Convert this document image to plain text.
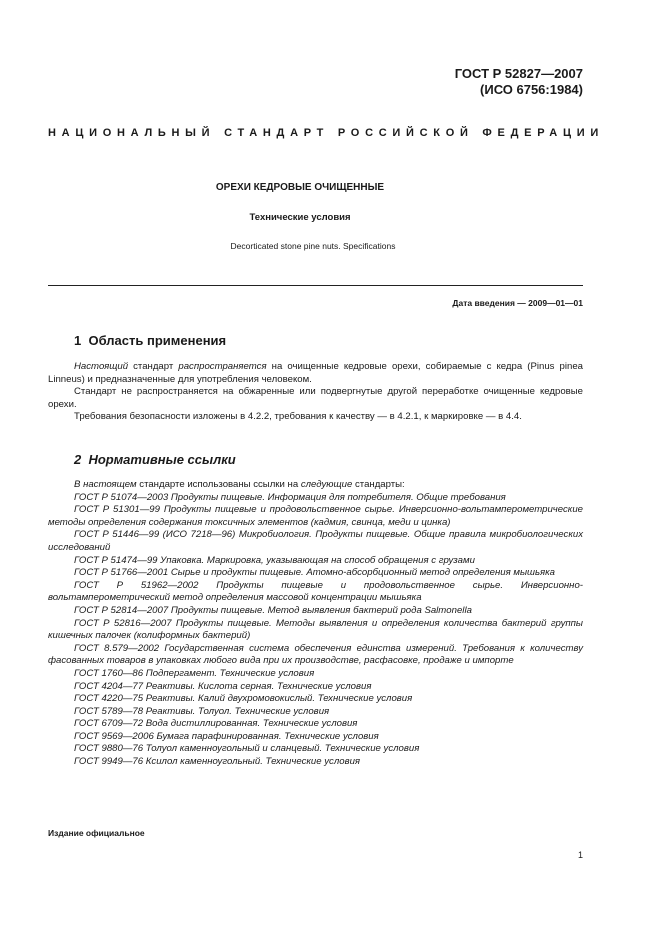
ГОСТ Р 52827—2007
(ИСО 6756:1984)
НАЦИОНАЛЬНЫЙ СТАНДАРТ РОССИЙСКОЙ ФЕДЕРАЦИИ
ОРЕХИ КЕДРОВЫЕ ОЧИЩЕННЫЕ
Технические условия
Decorticated stone pine nuts. Specifications
Дата введения — 2009—01—01
1 Область применения

Настоящий стандарт распространяется на очищенные кедровые орехи, собираемые с кедра (Pinus pinea Linneus) и предназначенные для употребления человеком.

Стандарт не распространяется на обжаренные или подвергнутые другой переработке очищенные кедровые орехи.

Требования безопасности изложены в 4.2.2, требования к качеству — в 4.2.1, к маркировке — в 4.4.

2 Нормативные ссылки

В настоящем стандарте использованы ссылки на следующие стандарты:

ГОСТ Р 51074—2003 Продукты пищевые. Информация для потребителя. Общие требования

ГОСТ Р 51301—99 Продукты пищевые и продовольственное сырье. Инверсионно-вольтамперометрические методы определения содержания токсичных элементов (кадмия, свинца, меди и цинка)

ГОСТ Р 51446—99 (ИСО 7218—96) Микробиология. Продукты пищевые. Общие правила микробиологических исследований

ГОСТ Р 51474—99 Упаковка. Маркировка, указывающая на способ обращения с грузами

ГОСТ Р 51766—2001 Сырье и продукты пищевые. Атомно-абсорбционный метод определения мышьяка

ГОСТ Р 51962—2002 Продукты пищевые и продовольственное сырье. Инверсионно-вольтамперометрический метод определения массовой концентрации мышьяка

ГОСТ Р 52814—2007 Продукты пищевые. Метод выявления бактерий рода Salmonella

ГОСТ Р 52816—2007 Продукты пищевые. Методы выявления и определения количества бактерий группы кишечных палочек (колиформных бактерий)

ГОСТ 8.579—2002 Государственная система обеспечения единства измерений. Требования к количеству фасованных товаров в упаковках любого вида при их производстве, расфасовке, продаже и импорте

ГОСТ 1760—86 Подпергамент. Технические условия

ГОСТ 4204—77 Реактивы. Кислота серная. Технические условия

ГОСТ 4220—75 Реактивы. Калий двухромовокислый. Технические условия

ГОСТ 5789—78 Реактивы. Толуол. Технические условия

ГОСТ 6709—72 Вода дистиллированная. Технические условия

ГОСТ 9569—2006 Бумага парафинированная. Технические условия

ГОСТ 9880—76 Толуол каменноугольный и сланцевый. Технические условия

ГОСТ 9949—76 Ксилол каменноугольный. Технические условия

Издание официальное
1
